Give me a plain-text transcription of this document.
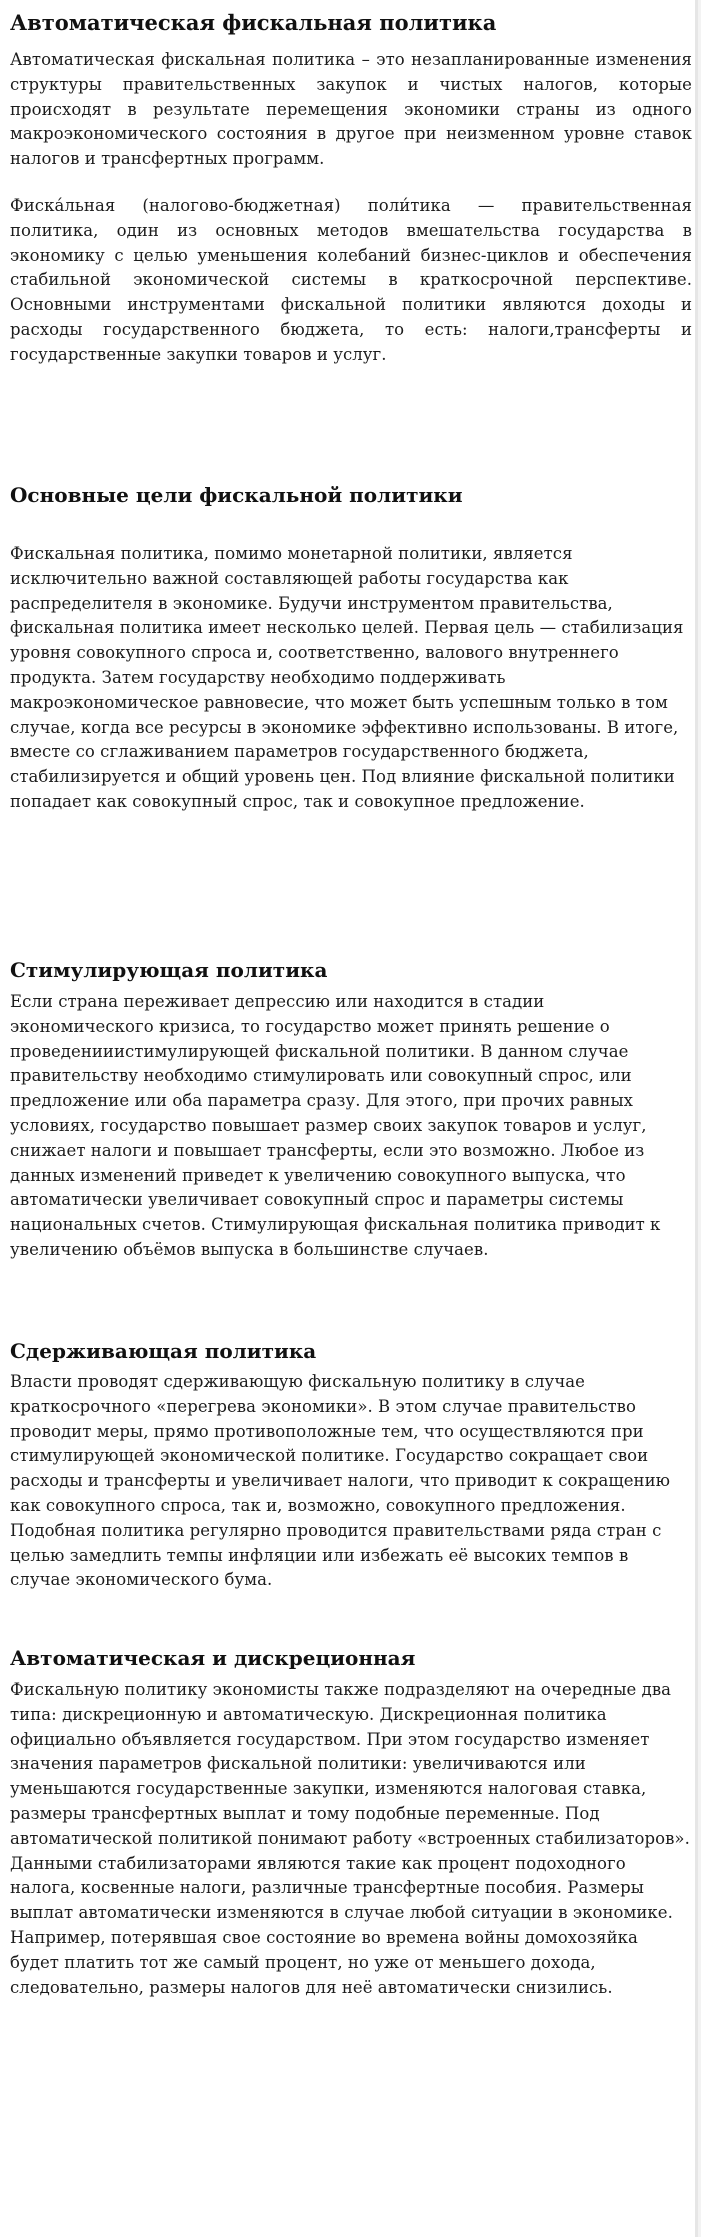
Автоматическая фискальная политика

Автоматическая фискальная политика – это незапланированные изменения структуры правительственных закупок и чистых налогов, которые происходят в результате перемещения экономики страны из одного макроэкономического состояния в другое при неизменном уровне ставок налогов и трансфертных программ.

Фиска́льная (налогово-бюджетная) поли́тика — правительственная политика, один из основных методов вмешательства государства в экономику с целью уменьшения колебаний бизнес-циклов и обеспечения стабильной экономической системы в краткосрочной перспективе. Основными инструментами фискальной политики являются доходы и расходы государственного бюджета, то есть: налоги,трансферты и государственные закупки товаров и услуг.

Основные цели фискальной политики

Фискальная политика, помимо монетарной политики, является исключительно важной составляющей работы государства как распределителя в экономике. Будучи инструментом правительства, фискальная политика имеет несколько целей. Первая цель — стабилизация уровня совокупного спроса и, соответственно, валового внутреннего продукта. Затем государству необходимо поддерживать макроэкономическое равновесие, что может быть успешным только в том случае, когда все ресурсы в экономике эффективно использованы. В итоге, вместе со сглаживанием параметров государственного бюджета, стабилизируется и общий уровень цен. Под влияние фискальной политики попадает как совокупный спрос, так и совокупное предложение.

Стимулирующая политика

Если страна переживает депрессию или находится в стадии экономического кризиса, то государство может принять решение о проведенииистимулирующей фискальной политики. В данном случае правительству необходимо стимулировать или совокупный спрос, или предложение или оба параметра сразу. Для этого, при прочих равных условиях, государство повышает размер своих закупок товаров и услуг, снижает налоги и повышает трансферты, если это возможно. Любое из данных изменений приведет к увеличению совокупного выпуска, что автоматически увеличивает совокупный спрос и параметры системы национальных счетов. Стимулирующая фискальная политика приводит к увеличению объёмов выпуска в большинстве случаев.

Сдерживающая политика

Власти проводят сдерживающую фискальную политику в случае краткосрочного «перегрева экономики». В этом случае правительство проводит меры, прямо противоположные тем, что осуществляются при стимулирующей экономической политике. Государство сокращает свои расходы и трансферты и увеличивает налоги, что приводит к сокращению как совокупного спроса, так и, возможно, совокупного предложения. Подобная политика регулярно проводится правительствами ряда стран с целью замедлить темпы инфляции или избежать её высоких темпов в случае экономического бума.

Автоматическая и дискреционная

Фискальную политику экономисты также подразделяют на очередные два типа: дискреционную и автоматическую. Дискреционная политика официально объявляется государством. При этом государство изменяет значения параметров фискальной политики: увеличиваются или уменьшаются государственные закупки, изменяются налоговая ставка, размеры трансфертных выплат и тому подобные переменные. Под автоматической политикой понимают работу «встроенных стабилизаторов». Данными стабилизаторами являются такие как процент подоходного налога, косвенные налоги, различные трансфертные пособия. Размеры выплат автоматически изменяются в случае любой ситуации в экономике. Например, потерявшая свое состояние во времена войны домохозяйка будет платить тот же самый процент, но уже от меньшего дохода, следовательно, размеры налогов для неё автоматически снизились.
